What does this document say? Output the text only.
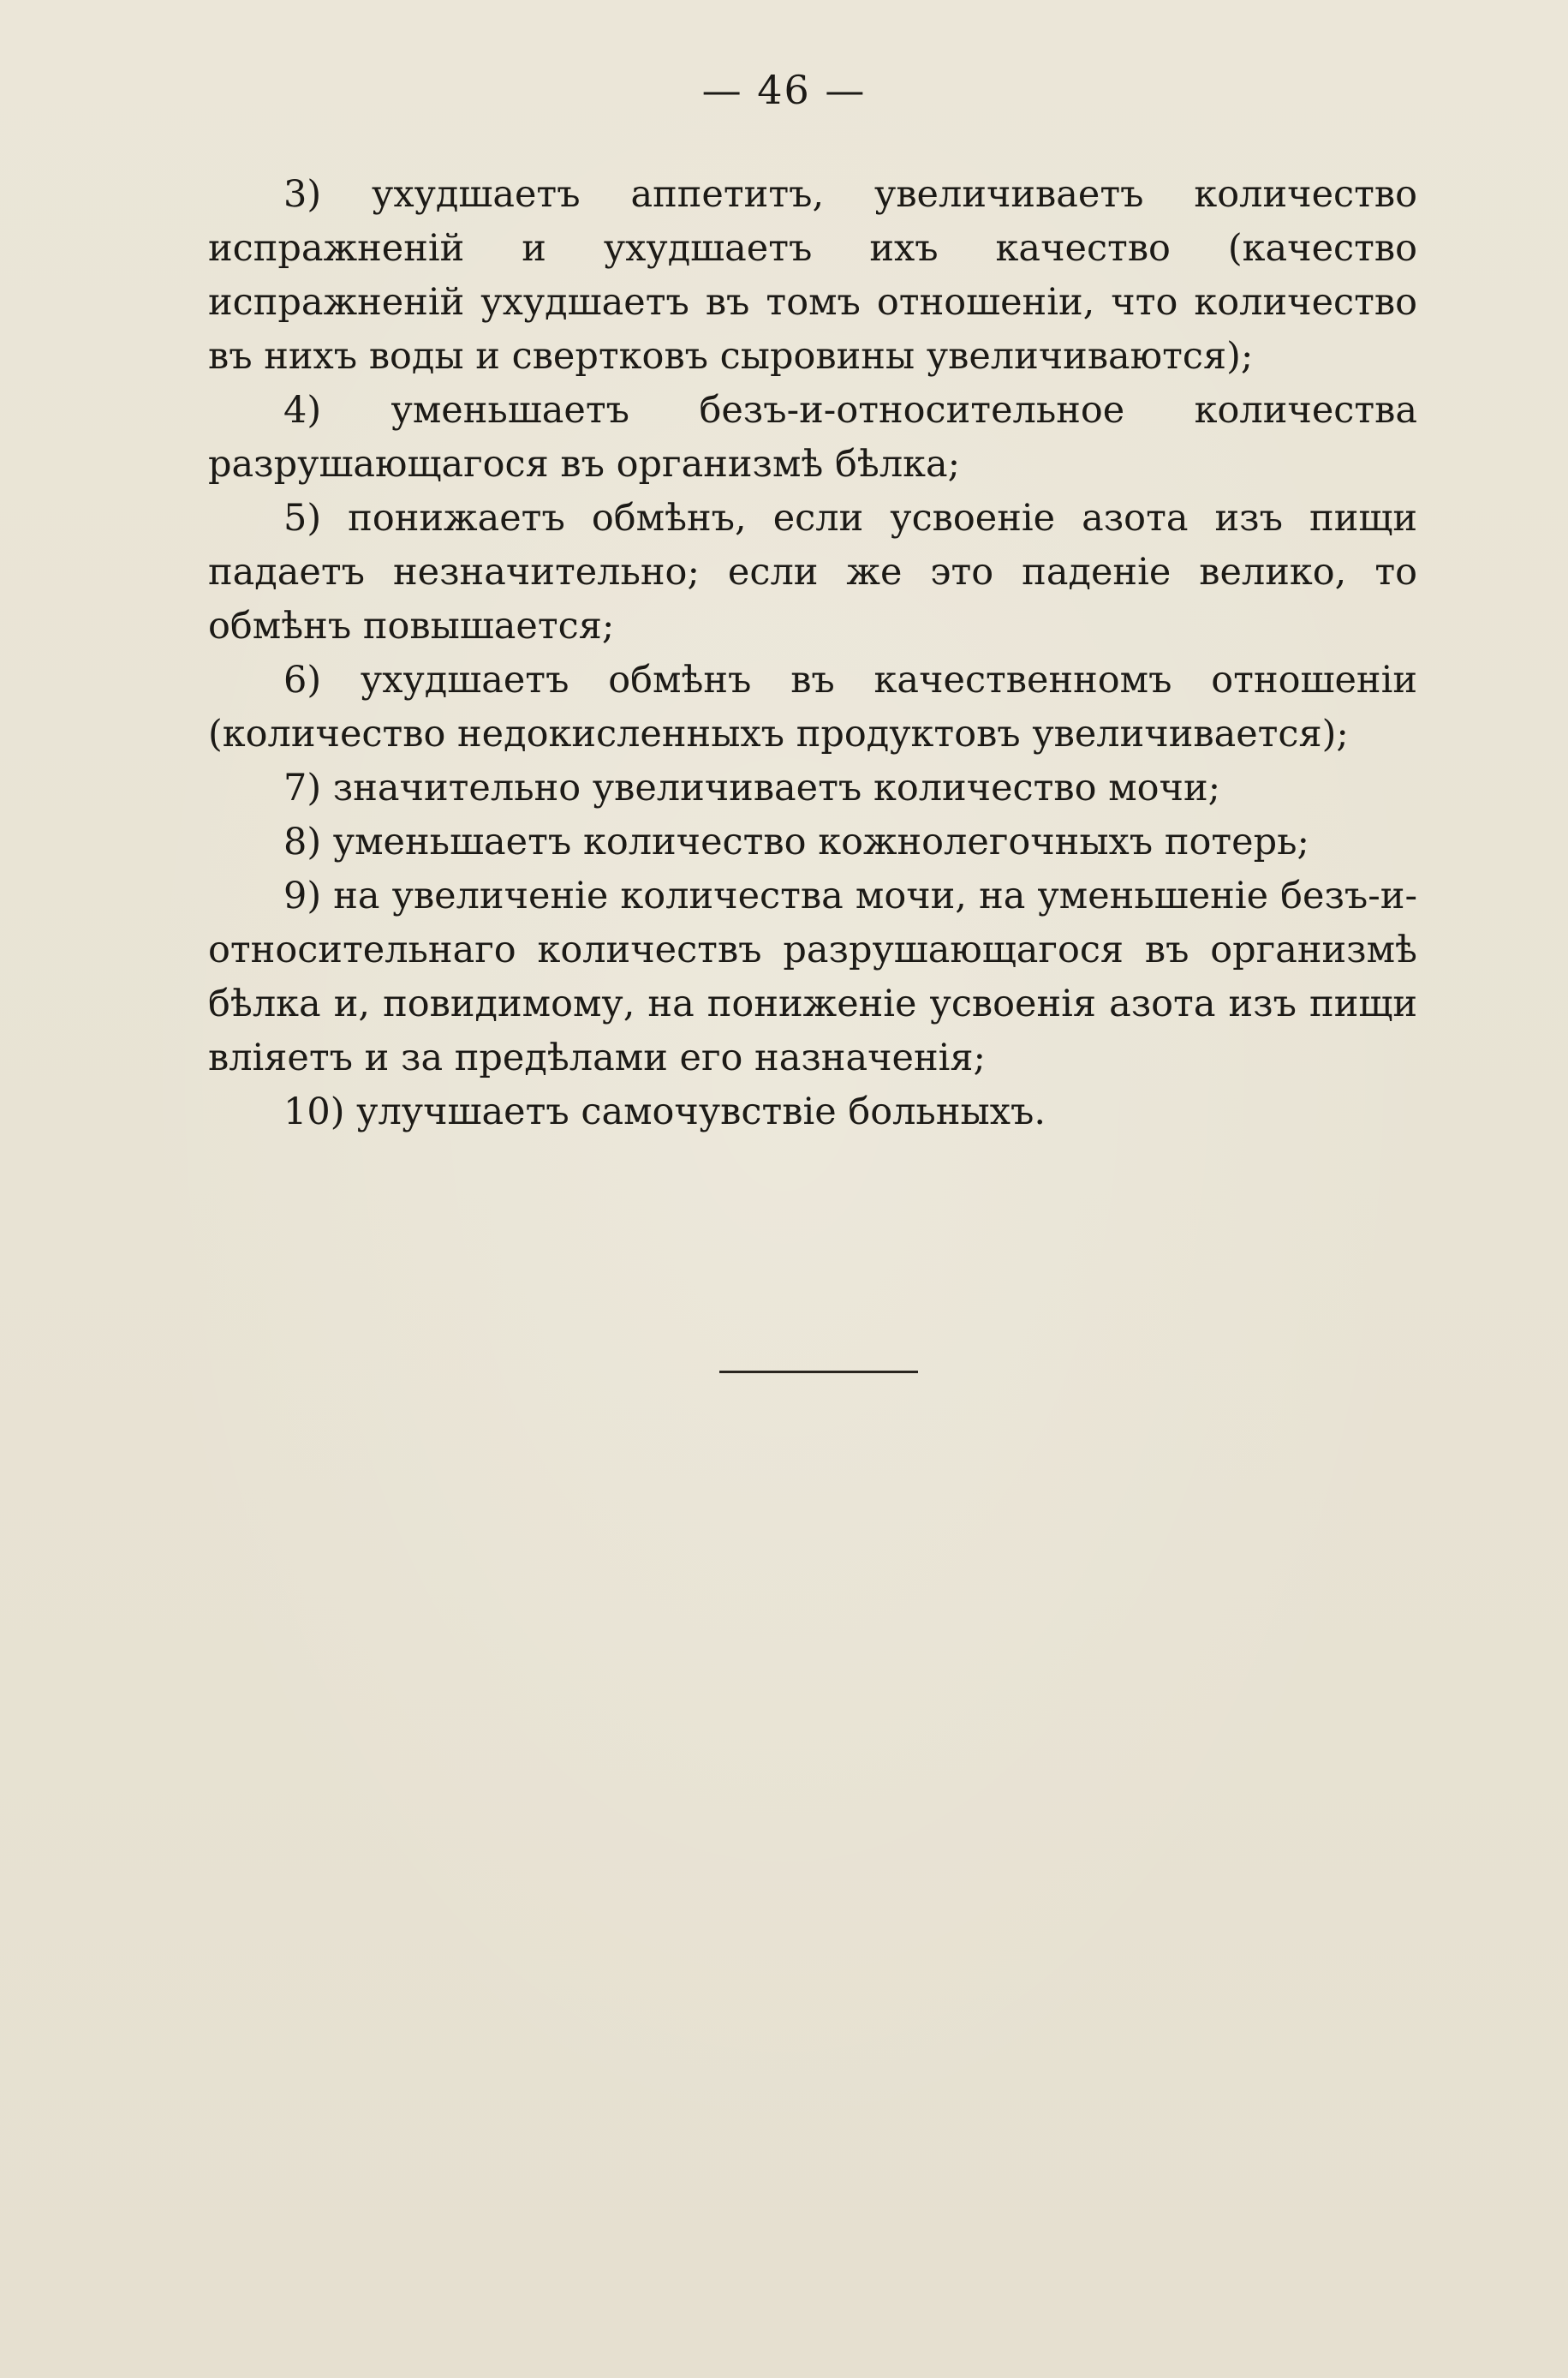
— 46 —

3) ухудшаетъ аппетитъ, увеличиваетъ количество испражненій и ухудшаетъ ихъ качество (качество испражненій ухудшаетъ въ томъ отношеніи, что количество въ нихъ воды и свертковъ сыровины увеличиваются);

4) уменьшаетъ безъ-и-относительное количества разрушающагося въ организмѣ бѣлка;

5) понижаетъ обмѣнъ, если усвоеніе азота изъ пищи падаетъ незначительно; если же это паденіе велико, то обмѣнъ повышается;

6) ухудшаетъ обмѣнъ въ качественномъ отношеніи (количество недокисленныхъ продуктовъ увеличивается);

7) значительно увеличиваетъ количество мочи;

8) уменьшаетъ количество кожнолегочныхъ потерь;

9) на увеличеніе количества мочи, на уменьшеніе безъ-и-относительнаго количествъ разрушающагося въ организмѣ бѣлка и, повидимому, на пониженіе усвоенія азота изъ пищи вліяетъ и за предѣлами его назначенія;

10) улучшаетъ самочувствіе больныхъ.
